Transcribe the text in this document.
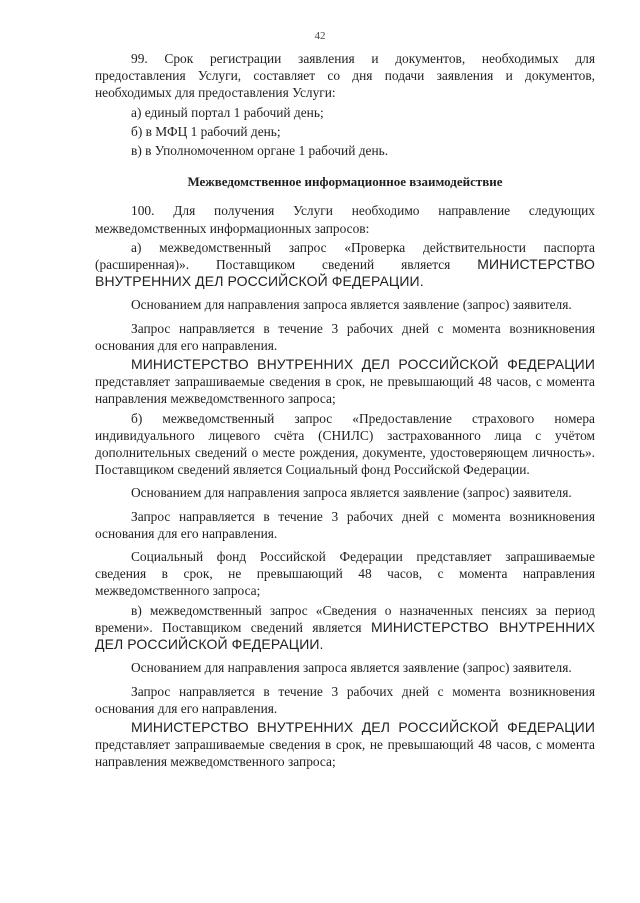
42

99. Срок регистрации заявления и документов, необходимых для предоставления Услуги, составляет со дня подачи заявления и документов, необходимых для предоставления Услуги:

а) единый портал 1 рабочий день;

б) в МФЦ 1 рабочий день;

в) в Уполномоченном органе 1 рабочий день.

Межведомственное информационное взаимодействие

100. Для получения Услуги необходимо направление следующих межведомственных информационных запросов:

а) межведомственный запрос «Проверка действительности паспорта (расширенная)». Поставщиком сведений является МИНИСТЕРСТВО ВНУТРЕННИХ ДЕЛ РОССИЙСКОЙ ФЕДЕРАЦИИ.

Основанием для направления запроса является заявление (запрос) заявителя.

Запрос направляется в течение 3 рабочих дней с момента возникновения основания для его направления.

МИНИСТЕРСТВО ВНУТРЕННИХ ДЕЛ РОССИЙСКОЙ ФЕДЕРАЦИИ представляет запрашиваемые сведения в срок, не превышающий 48 часов, с момента направления межведомственного запроса;

б) межведомственный запрос «Предоставление страхового номера индивидуального лицевого счёта (СНИЛС) застрахованного лица с учётом дополнительных сведений о месте рождения, документе, удостоверяющем личность». Поставщиком сведений является Социальный фонд Российской Федерации.

Основанием для направления запроса является заявление (запрос) заявителя.

Запрос направляется в течение 3 рабочих дней с момента возникновения основания для его направления.

Социальный фонд Российской Федерации представляет запрашиваемые сведения в срок, не превышающий 48 часов, с момента направления межведомственного запроса;

в) межведомственный запрос «Сведения о назначенных пенсиях за период времени». Поставщиком сведений является МИНИСТЕРСТВО ВНУТРЕННИХ ДЕЛ РОССИЙСКОЙ ФЕДЕРАЦИИ.

Основанием для направления запроса является заявление (запрос) заявителя.

Запрос направляется в течение 3 рабочих дней с момента возникновения основания для его направления.

МИНИСТЕРСТВО ВНУТРЕННИХ ДЕЛ РОССИЙСКОЙ ФЕДЕРАЦИИ представляет запрашиваемые сведения в срок, не превышающий 48 часов, с момента направления межведомственного запроса;
